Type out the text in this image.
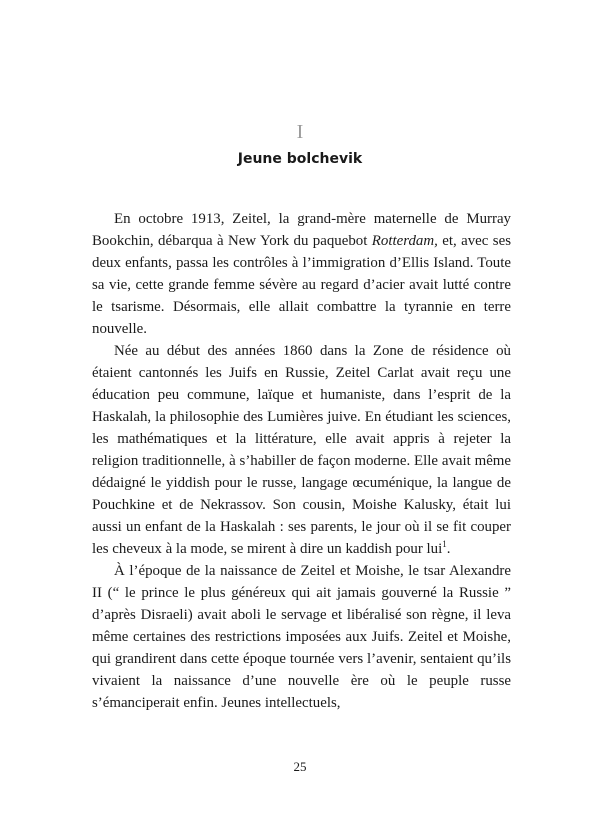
I
Jeune bolchevik

En octobre 1913, Zeitel, la grand-mère maternelle de Murray Bookchin, débarqua à New York du paquebot Rotterdam, et, avec ses deux enfants, passa les contrôles à l’immigration d’Ellis Island. Toute sa vie, cette grande femme sévère au regard d’acier avait lutté contre le tsarisme. Désormais, elle allait combattre la tyrannie en terre nouvelle.

Née au début des années 1860 dans la Zone de résidence où étaient cantonnés les Juifs en Russie, Zeitel Carlat avait reçu une éducation peu commune, laïque et humaniste, dans l’esprit de la Haskalah, la philosophie des Lumières juive. En étudiant les sciences, les mathématiques et la littérature, elle avait appris à rejeter la religion traditionnelle, à s’habiller de façon moderne. Elle avait même dédaigné le yiddish pour le russe, langage œcuménique, la langue de Pouchkine et de Nekrassov. Son cousin, Moishe Kalusky, était lui aussi un enfant de la Haskalah : ses parents, le jour où il se fit couper les cheveux à la mode, se mirent à dire un kaddish pour lui$^1$.

À l’époque de la naissance de Zeitel et Moishe, le tsar Alexandre II (“ le prince le plus généreux qui ait jamais gouverné la Russie ” d’après Disraeli) avait aboli le servage et libéralisé son règne, il leva même certaines des restrictions imposées aux Juifs. Zeitel et Moishe, qui grandirent dans cette époque tournée vers l’avenir, sentaient qu’ils vivaient la naissance d’une nouvelle ère où le peuple russe s’émanciperait enfin. Jeunes intellectuels,

25
